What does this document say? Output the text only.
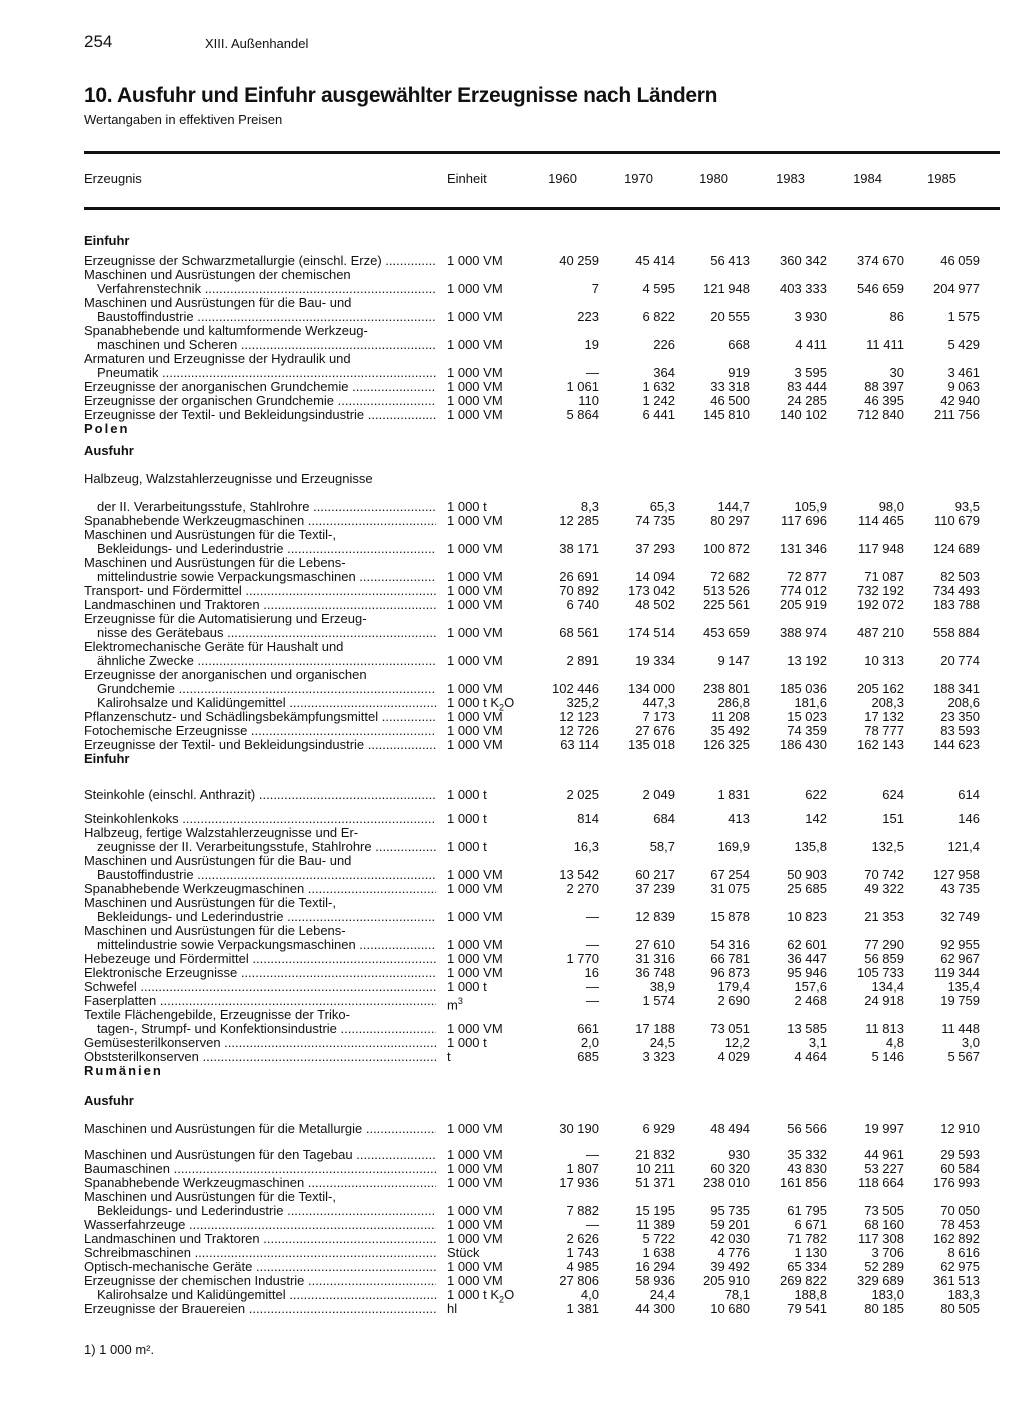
254	XIII. Außenhandel
10. Ausfuhr und Einfuhr ausgewählter Erzeugnisse nach Ländern
Wertangaben in effektiven Preisen
Erzeugnis	Einheit	1960	1970	1980	1983	1984	1985
Einfuhr
Erzeugnisse der Schwarzmetallurgie (einschl. Erze) .....	1 000 VM	40 259	45 414	56 413	360 342	374 670	46 059
Maschinen und Ausrüstungen der chemischen
Verfahrenstechnik .....	1 000 VM	7	4 595	121 948	403 333	546 659	204 977
Maschinen und Ausrüstungen für die Bau- und
Baustoffindustrie .....	1 000 VM	223	6 822	20 555	3 930	86	1 575
Spanabhebende und kaltumformende Werkzeug-
maschinen und Scheren .....	1 000 VM	19	226	668	4 411	11 411	5 429
Armaturen und Erzeugnisse der Hydraulik und
Pneumatik .....	1 000 VM	—	364	919	3 595	30	3 461
Erzeugnisse der anorganischen Grundchemie .....	1 000 VM	1 061	1 632	33 318	83 444	88 397	9 063
Erzeugnisse der organischen Grundchemie .....	1 000 VM	110	1 242	46 500	24 285	46 395	42 940
Erzeugnisse der Textil- und Bekleidungsindustrie .....	1 000 VM	5 864	6 441	145 810	140 102	712 840	211 756
Polen
Ausfuhr
Halbzeug, Walzstahlerzeugnisse und Erzeugnisse
der II. Verarbeitungsstufe, Stahlrohre .....	1 000 t	8,3	65,3	144,7	105,9	98,0	93,5
Spanabhebende Werkzeugmaschinen .....	1 000 VM	12 285	74 735	80 297	117 696	114 465	110 679
Maschinen und Ausrüstungen für die Textil-,
Bekleidungs- und Lederindustrie .....	1 000 VM	38 171	37 293	100 872	131 346	117 948	124 689
Maschinen und Ausrüstungen für die Lebens-
mittelindustrie sowie Verpackungsmaschinen .....	1 000 VM	26 691	14 094	72 682	72 877	71 087	82 503
Transport- und Fördermittel .....	1 000 VM	70 892	173 042	513 526	774 012	732 192	734 493
Landmaschinen und Traktoren .....	1 000 VM	6 740	48 502	225 561	205 919	192 072	183 788
Erzeugnisse für die Automatisierung und Erzeug-
nisse des Gerätebaus .....	1 000 VM	68 561	174 514	453 659	388 974	487 210	558 884
Elektromechanische Geräte für Haushalt und
ähnliche Zwecke .....	1 000 VM	2 891	19 334	9 147	13 192	10 313	20 774
Erzeugnisse der anorganischen und organischen
Grundchemie .....	1 000 VM	102 446	134 000	238 801	185 036	205 162	188 341
Kalirohsalze und Kalidüngemittel .....	1 000 t $K_2O$	325,2	447,3	286,8	181,6	208,3	208,6
Pflanzenschutz- und Schädlingsbekämpfungsmittel .....	1 000 VM	12 123	7 173	11 208	15 023	17 132	23 350
Fotochemische Erzeugnisse .....	1 000 VM	12 726	27 676	35 492	74 359	78 777	83 593
Erzeugnisse der Textil- und Bekleidungsindustrie .....	1 000 VM	63 114	135 018	126 325	186 430	162 143	144 623
Einfuhr
Steinkohle (einschl. Anthrazit) .....	1 000 t	2 025	2 049	1 831	622	624	614
Steinkohlenkoks .....	1 000 t	814	684	413	142	151	146
Halbzeug, fertige Walzstahlerzeugnisse und Er-
zeugnisse der II. Verarbeitungsstufe, Stahlrohre .....	1 000 t	16,3	58,7	169,9	135,8	132,5	121,4
Maschinen und Ausrüstungen für die Bau- und
Baustoffindustrie .....	1 000 VM	13 542	60 217	67 254	50 903	70 742	127 958
Spanabhebende Werkzeugmaschinen .....	1 000 VM	2 270	37 239	31 075	25 685	49 322	43 735
Maschinen und Ausrüstungen für die Textil-,
Bekleidungs- und Lederindustrie .....	1 000 VM	—	12 839	15 878	10 823	21 353	32 749
Maschinen und Ausrüstungen für die Lebens-
mittelindustrie sowie Verpackungsmaschinen .....	1 000 VM	—	27 610	54 316	62 601	77 290	92 955
Hebezeuge und Fördermittel .....	1 000 VM	1 770	31 316	66 781	36 447	56 859	62 967
Elektronische Erzeugnisse .....	1 000 VM	16	36 748	96 873	95 946	105 733	119 344
Schwefel .....	1 000 t	—	38,9	179,4	157,6	134,4	135,4
Faserplatten .....	$m^3$	—	1 574	2 690	2 468	24 918	19 759
Textile Flächengebilde, Erzeugnisse der Triko-
tagen-, Strumpf- und Konfektionsindustrie .....	1 000 VM	661	17 188	73 051	13 585	11 813	11 448
Gemüsesterilkonserven .....	1 000 t	2,0	24,5	12,2	3,1	4,8	3,0
Obststerilkonserven .....	t	685	3 323	4 029	4 464	5 146	5 567
Rumänien
Ausfuhr
Maschinen und Ausrüstungen für die Metallurgie .....	1 000 VM	30 190	6 929	48 494	56 566	19 997	12 910
Maschinen und Ausrüstungen für den Tagebau .....	1 000 VM	—	21 832	930	35 332	44 961	29 593
Baumaschinen .....	1 000 VM	1 807	10 211	60 320	43 830	53 227	60 584
Spanabhebende Werkzeugmaschinen .....	1 000 VM	17 936	51 371	238 010	161 856	118 664	176 993
Maschinen und Ausrüstungen für die Textil-,
Bekleidungs- und Lederindustrie .....	1 000 VM	7 882	15 195	95 735	61 795	73 505	70 050
Wasserfahrzeuge .....	1 000 VM	—	11 389	59 201	6 671	68 160	78 453
Landmaschinen und Traktoren .....	1 000 VM	2 626	5 722	42 030	71 782	117 308	162 892
Schreibmaschinen .....	Stück	1 743	1 638	4 776	1 130	3 706	8 616
Optisch-mechanische Geräte .....	1 000 VM	4 985	16 294	39 492	65 334	52 289	62 975
Erzeugnisse der chemischen Industrie .....	1 000 VM	27 806	58 936	205 910	269 822	329 689	361 513
Kalirohsalze und Kalidüngemittel .....	1 000 t $K_2O$	4,0	24,4	78,1	188,8	183,0	183,3
Erzeugnisse der Brauereien .....	hl	1 381	44 300	10 680	79 541	80 185	80 505
1) 1 000 m².
